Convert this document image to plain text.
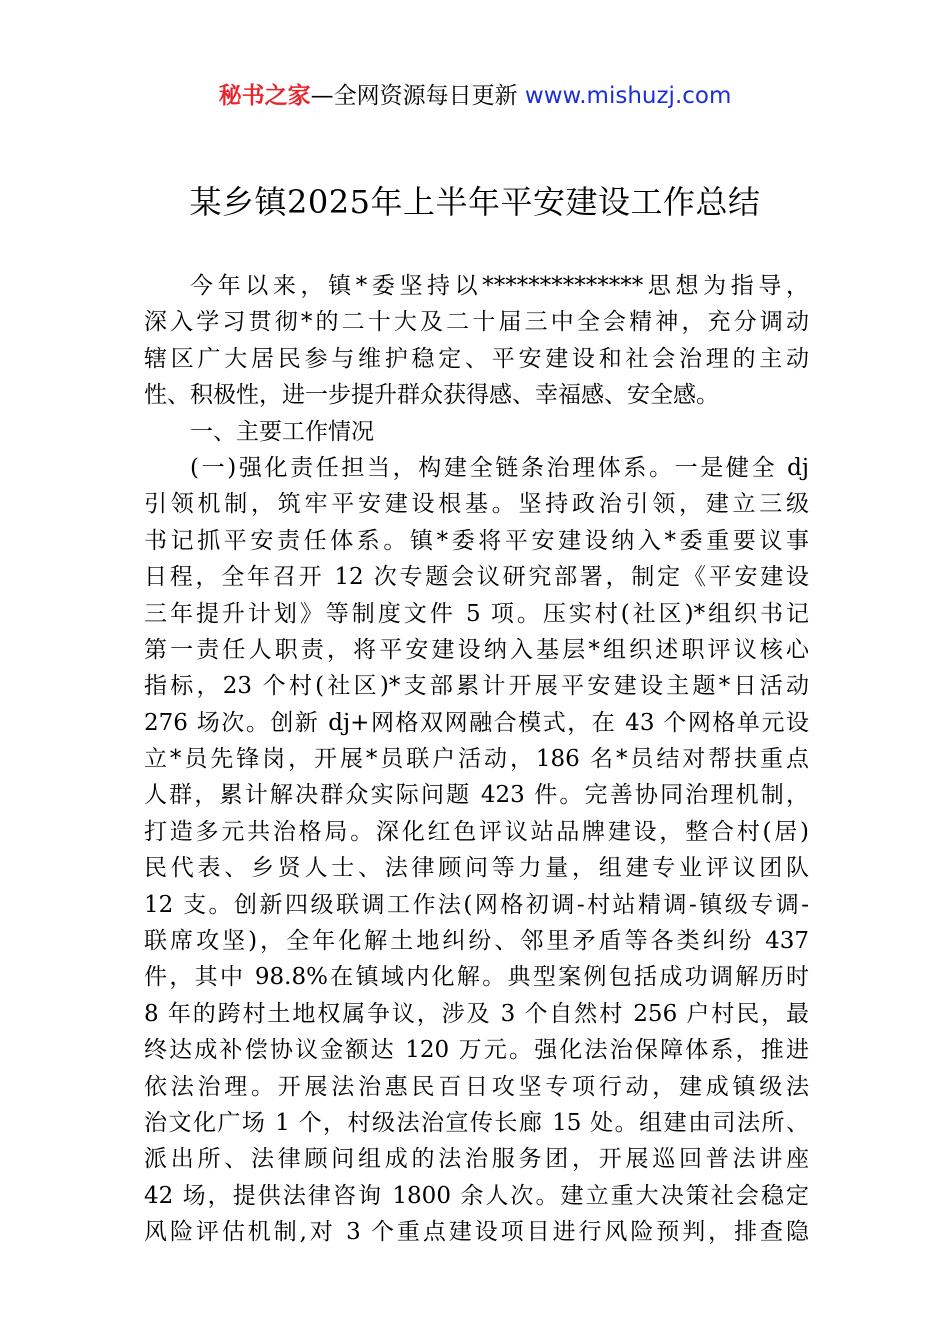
秘书之家—全网资源每日更新 www.mishuzj.com
某乡镇2025年上半年平安建设工作总结
今年以来，镇*委坚持以**************思想为指导，
深入学习贯彻*的二十大及二十届三中全会精神，充分调动
辖区广大居民参与维护稳定、平安建设和社会治理的主动
性、积极性，进一步提升群众获得感、幸福感、安全感。
一、主要工作情况
(一)强化责任担当，构建全链条治理体系。一是健全 dj
引领机制，筑牢平安建设根基。坚持政治引领，建立三级
书记抓平安责任体系。镇*委将平安建设纳入*委重要议事
日程，全年召开 12 次专题会议研究部署，制定《平安建设
三年提升计划》等制度文件 5 项。压实村(社区)*组织书记
第一责任人职责，将平安建设纳入基层*组织述职评议核心
指标，23 个村(社区)*支部累计开展平安建设主题*日活动
276 场次。创新 dj+网格双网融合模式，在 43 个网格单元设
立*员先锋岗，开展*员联户活动，186 名*员结对帮扶重点
人群，累计解决群众实际问题 423 件。完善协同治理机制，
打造多元共治格局。深化红色评议站品牌建设，整合村(居)
民代表、乡贤人士、法律顾问等力量，组建专业评议团队
12 支。创新四级联调工作法(网格初调-村站精调-镇级专调-
联席攻坚)，全年化解土地纠纷、邻里矛盾等各类纠纷 437
件，其中 98.8%在镇域内化解。典型案例包括成功调解历时
8 年的跨村土地权属争议，涉及 3 个自然村 256 户村民，最
终达成补偿协议金额达 120 万元。强化法治保障体系，推进
依法治理。开展法治惠民百日攻坚专项行动，建成镇级法
治文化广场 1 个，村级法治宣传长廊 15 处。组建由司法所、
派出所、法律顾问组成的法治服务团，开展巡回普法讲座
42 场，提供法律咨询 1800 余人次。建立重大决策社会稳定
风险评估机制,对 3 个重点建设项目进行风险预判，排查隐
